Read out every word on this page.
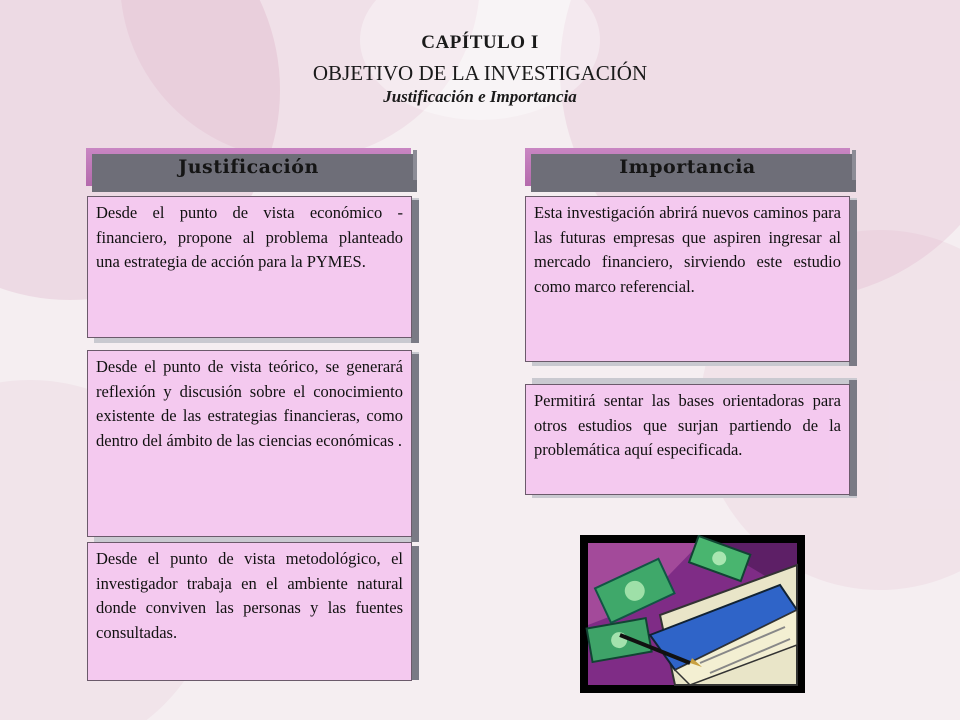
CAPÍTULO I
OBJETIVO DE LA INVESTIGACIÓN
Justificación e Importancia
Justificación	Importancia
Desde el punto de vista económico - financiero, propone al problema planteado una estrategia de acción para la PYMES.
Desde el punto de vista teórico, se generará reflexión y discusión sobre el conocimiento existente de las estrategias financieras, como dentro del ámbito de las ciencias económicas .
Desde el punto de vista metodológico, el investigador trabaja en el ambiente natural donde conviven las personas y las fuentes consultadas.
Esta investigación abrirá nuevos caminos para las futuras empresas que aspiren ingresar al mercado financiero, sirviendo este estudio como marco referencial.
Permitirá sentar las bases orientadoras para otros estudios que surjan partiendo de la problemática aquí especificada.
